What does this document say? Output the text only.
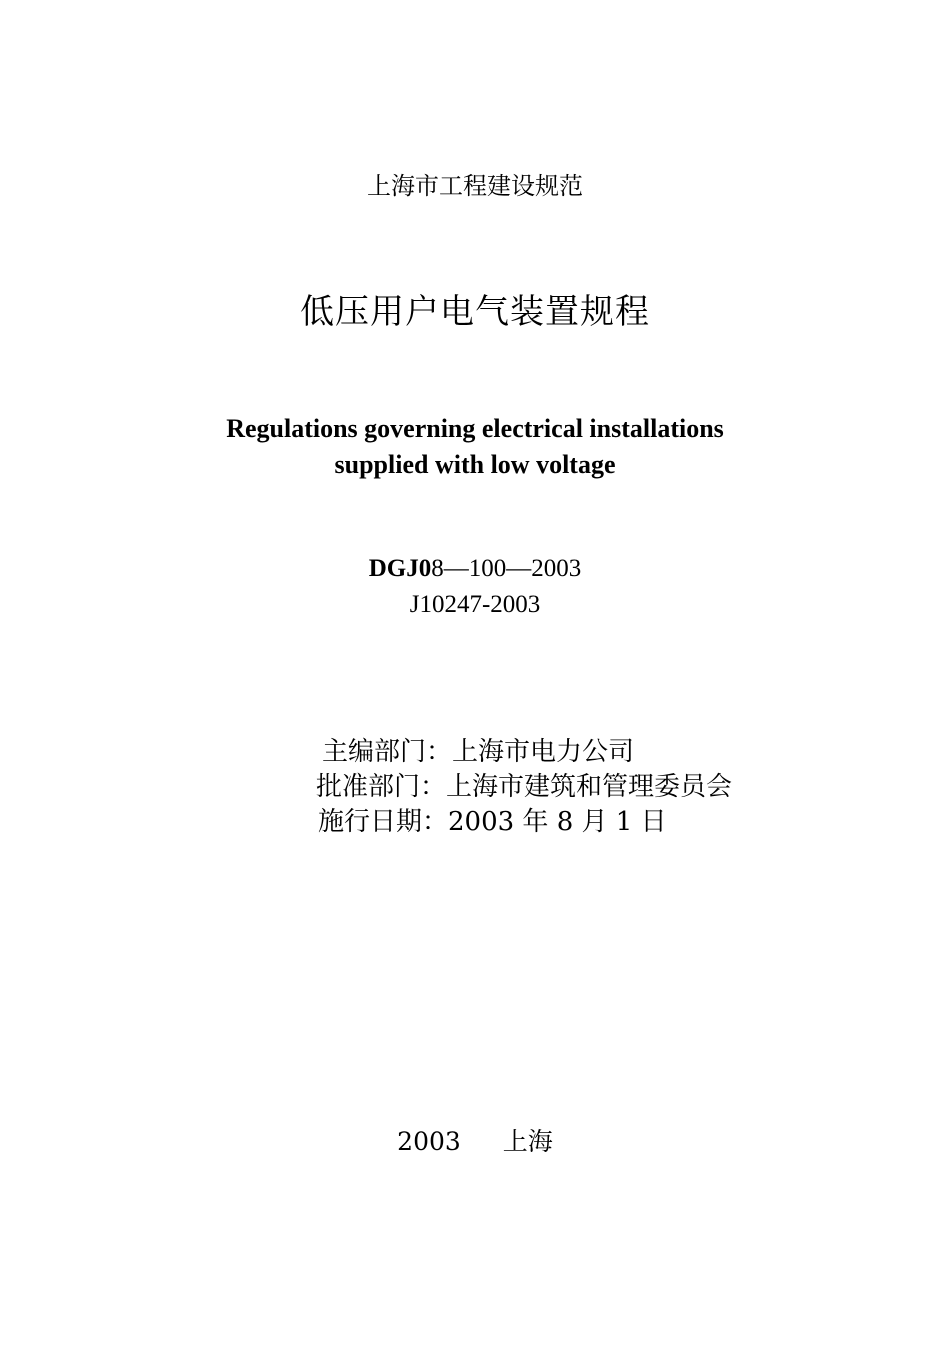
上海市工程建设规范
低压用户电气装置规程
Regulations governing electrical installations
supplied with low voltage
DGJ08—100—2003
J10247-2003
主编部门：上海市电力公司
批准部门：上海市建筑和管理委员会
施行日期：2003 年 8 月 1 日
2003 上海
